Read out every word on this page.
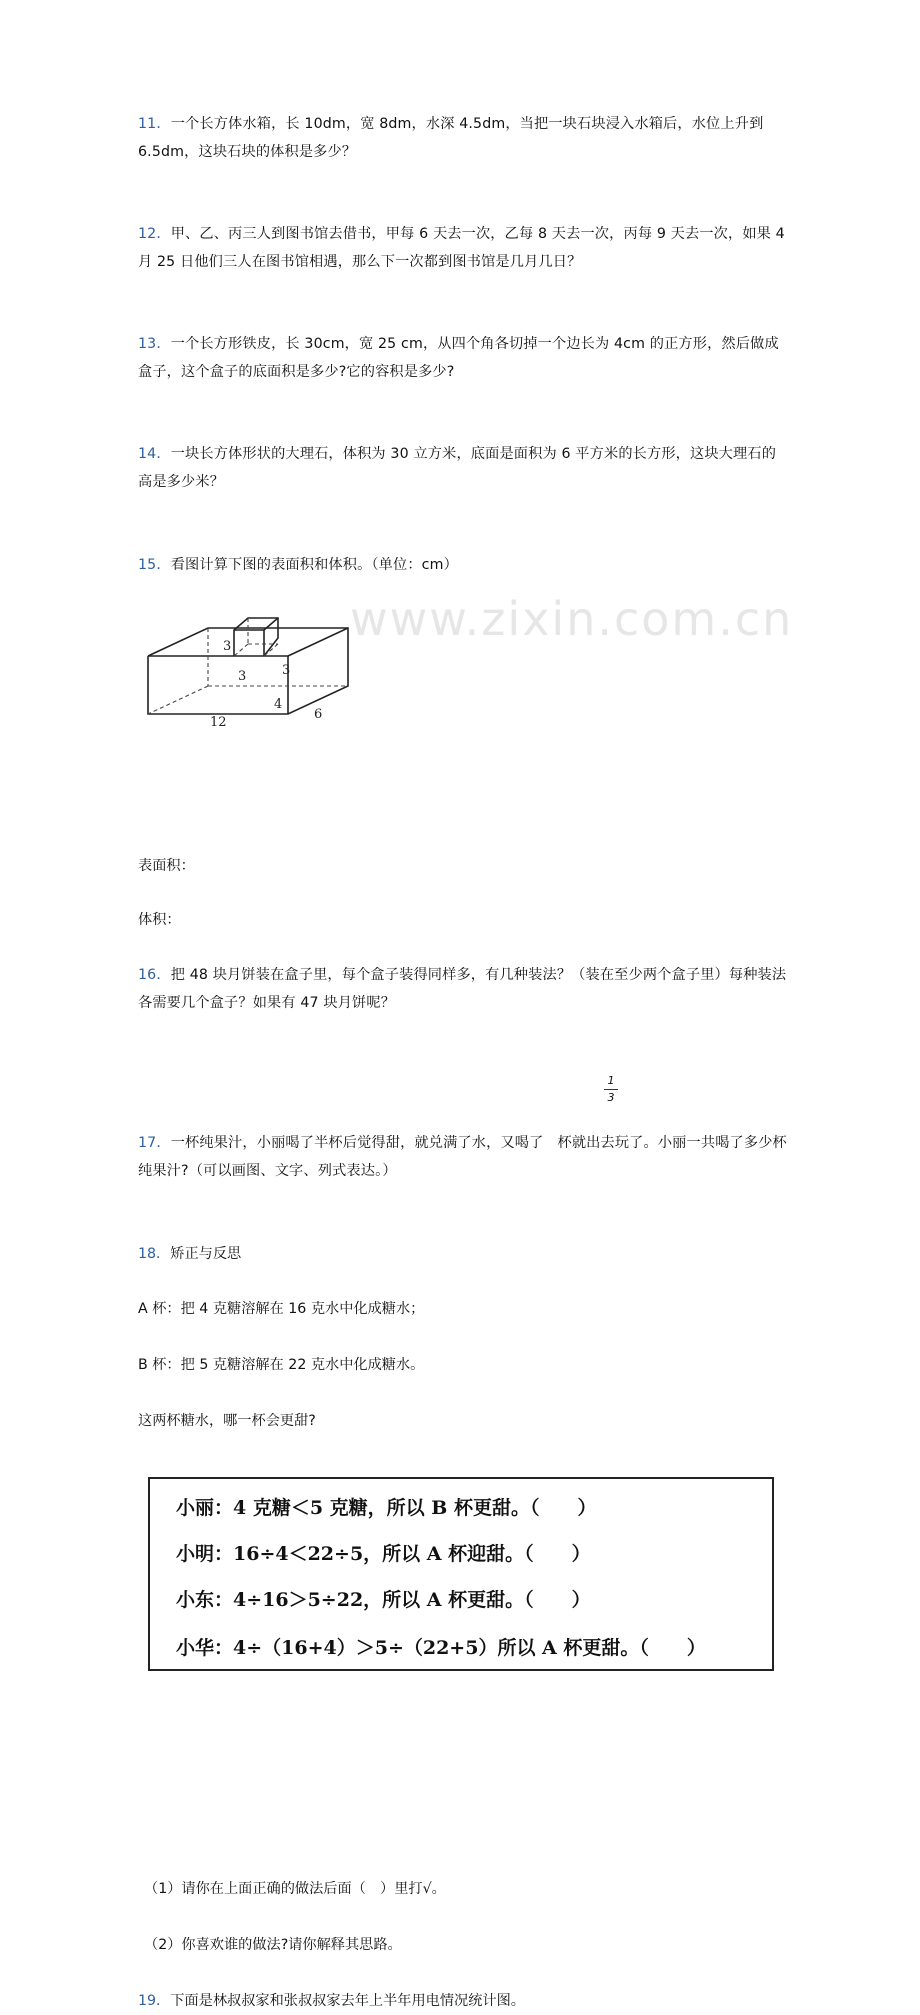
www.zixin.com.cn
11．一个长方体水箱，长 10dm，宽 8dm，水深 4.5dm，当把一块石块浸入水箱后，水位上升到 6.5dm，这块石块的体积是多少？
12．甲、乙、丙三人到图书馆去借书，甲每 6 天去一次，乙每 8 天去一次，丙每 9 天去一次，如果 4 月 25 日他们三人在图书馆相遇，那么下一次都到图书馆是几月几日？
13．一个长方形铁皮，长 30cm，宽 25 cm，从四个角各切掉一个边长为 4cm 的正方形，然后做成盒子，这个盒子的底面积是多少?它的容积是多少?
14．一块长方体形状的大理石，体积为 30 立方米，底面是面积为 6 平方米的长方形，这块大理石的高是多少米？
15．看图计算下图的表面积和体积。（单位：cm）
12
6
4
3
3	3
表面积：
体积：
16．把 48 块月饼装在盒子里，每个盒子装得同样多，有几种装法？（装在至少两个盒子里）每种装法各需要几个盒子？如果有 47 块月饼呢？
1
3
17．一杯纯果汁，小丽喝了半杯后觉得甜，就兑满了水，又喝了 杯就出去玩了。小丽一共喝了多少杯纯果汁?（可以画图、文字、列式表达。）
18．矫正与反思
A 杯：把 4 克糖溶解在 16 克水中化成糖水；
B 杯：把 5 克糖溶解在 22 克水中化成糖水。
这两杯糖水，哪一杯会更甜?
小丽：4 克糖＜5 克糖，所以 B 杯更甜。（　　）
小明：16÷4＜22÷5，所以 A 杯迎甜。（　　）
小东：4÷16＞5÷22，所以 A 杯更甜。（　　）
小华：4÷（16+4）＞5÷（22+5）所以 A 杯更甜。（　　）
（1）请你在上面正确的做法后面（　）里打√。
（2）你喜欢谁的做法?请你解释其思路。
19．下面是林叔叔家和张叔叔家去年上半年用电情况统计图。
